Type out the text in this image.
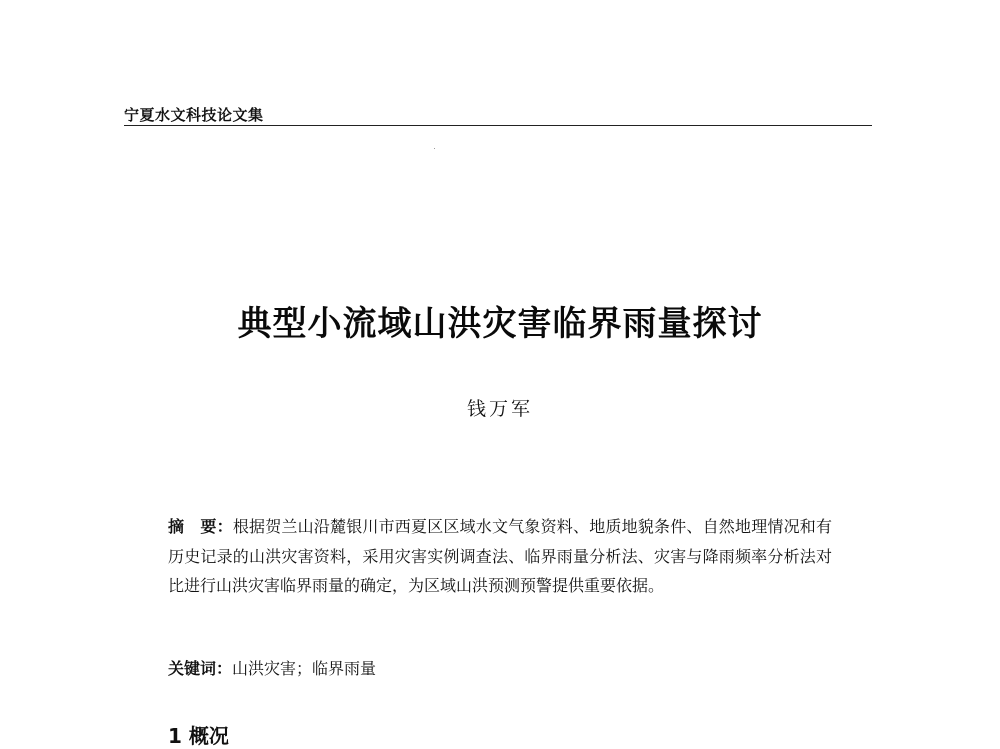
宁夏水文科技论文集
典型小流域山洪灾害临界雨量探讨
钱万军
摘　要：根据贺兰山沿麓银川市西夏区区域水文气象资料、地质地貌条件、自然地理情况和有历史记录的山洪灾害资料，采用灾害实例调查法、临界雨量分析法、灾害与降雨频率分析法对比进行山洪灾害临界雨量的确定，为区域山洪预测预警提供重要依据。
关键词：山洪灾害；临界雨量
1 概况
